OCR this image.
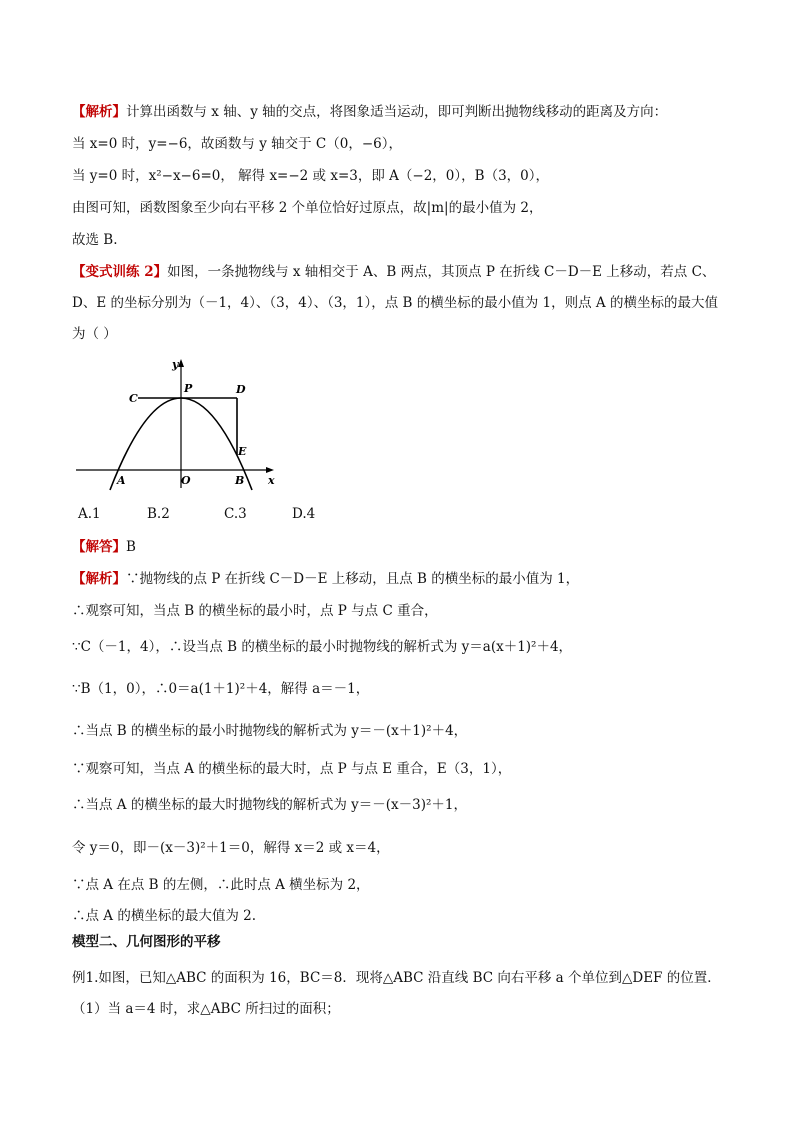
【解析】计算出函数与 x 轴、y 轴的交点，将图象适当运动，即可判断出抛物线移动的距离及方向：
当 x=0 时，y=−6，故函数与 y 轴交于 C（0，−6），
当 y=0 时，x²−x−6=0， 解得 x=−2 或 x=3，即 A（−2，0），B（3，0），
由图可知，函数图象至少向右平移 2 个单位恰好过原点，故|m|的最小值为 2，
故选 B.
【变式训练 2】如图，一条抛物线与 x 轴相交于 A、B 两点，其顶点 P 在折线 C－D－E 上移动，若点 C、
D、E 的坐标分别为（－1，4）、（3，4）、（3，1），点 B 的横坐标的最小值为 1，则点 A 的横坐标的最大值
为（ ）
y
x
P
C
D
E
A	O	B
A.1	B.2	C.3	D.4
【解答】B
【解析】∵抛物线的点 P 在折线 C－D－E 上移动，且点 B 的横坐标的最小值为 1，
∴观察可知，当点 B 的横坐标的最小时，点 P 与点 C 重合，
∵C（－1，4），∴设当点 B 的横坐标的最小时抛物线的解析式为 y＝a(x＋1)²＋4，
∵B（1，0），∴0＝a(1＋1)²＋4，解得 a＝－1，
∴当点 B 的横坐标的最小时抛物线的解析式为 y＝－(x＋1)²＋4，
∵观察可知，当点 A 的横坐标的最大时，点 P 与点 E 重合，E（3，1），
∴当点 A 的横坐标的最大时抛物线的解析式为 y＝－(x－3)²＋1，
令 y＝0，即－(x－3)²＋1＝0，解得 x＝2 或 x＝4，
∵点 A 在点 B 的左侧，∴此时点 A 横坐标为 2，
∴点 A 的横坐标的最大值为 2.
模型二、几何图形的平移
例1.如图，已知△ABC 的面积为 16，BC＝8．现将△ABC 沿直线 BC 向右平移 a 个单位到△DEF 的位置．
（1）当 a＝4 时，求△ABC 所扫过的面积；
